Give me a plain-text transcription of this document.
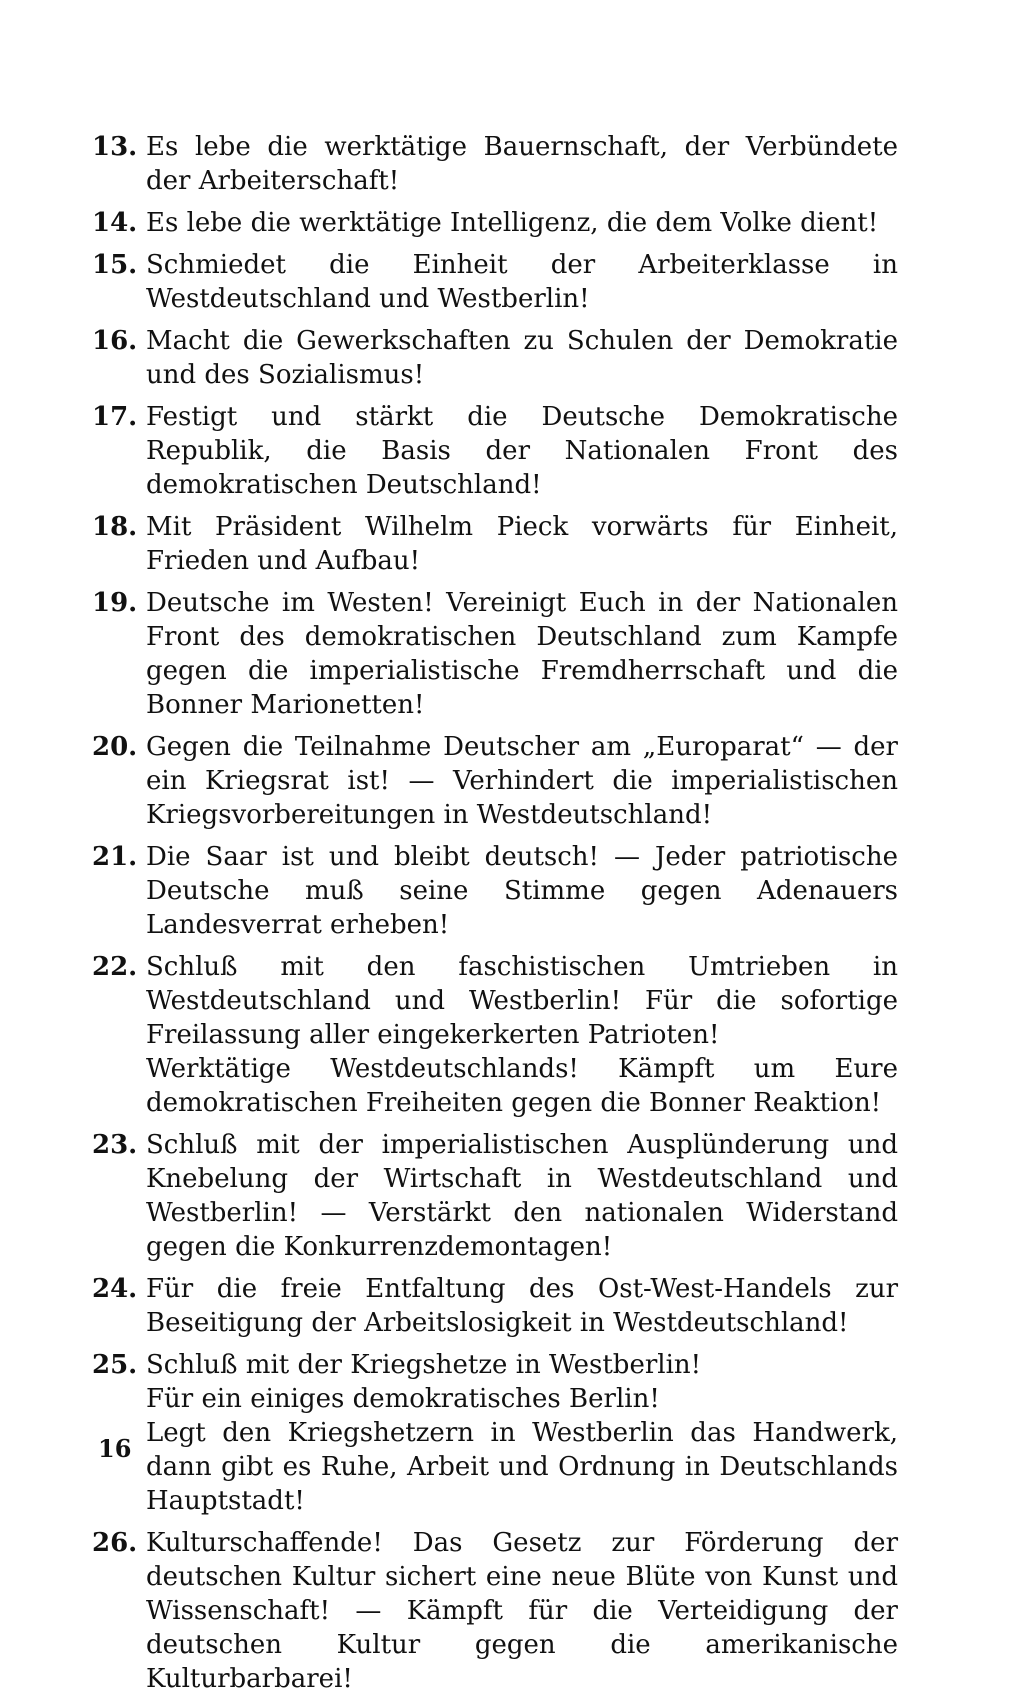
13. Es lebe die werktätige Bauernschaft, der Verbündete der Arbeiterschaft!

14. Es lebe die werktätige Intelligenz, die dem Volke dient!

15. Schmiedet die Einheit der Arbeiterklasse in Westdeutschland und Westberlin!

16. Macht die Gewerkschaften zu Schulen der Demokratie und des Sozialismus!

17. Festigt und stärkt die Deutsche Demokratische Republik, die Basis der Nationalen Front des demokratischen Deutschland!

18. Mit Präsident Wilhelm Pieck vorwärts für Einheit, Frieden und Aufbau!

19. Deutsche im Westen! Vereinigt Euch in der Nationalen Front des demokratischen Deutschland zum Kampfe gegen die imperialistische Fremdherrschaft und die Bonner Marionetten!

20. Gegen die Teilnahme Deutscher am „Europarat“ — der ein Kriegsrat ist! — Verhindert die imperialistischen Kriegsvorbereitungen in Westdeutschland!

21. Die Saar ist und bleibt deutsch! — Jeder patriotische Deutsche muß seine Stimme gegen Adenauers Landesverrat erheben!

22. Schluß mit den faschistischen Umtrieben in Westdeutschland und Westberlin! Für die sofortige Freilassung aller eingekerkerten Patrioten!

Werktätige Westdeutschlands! Kämpft um Eure demokratischen Freiheiten gegen die Bonner Reaktion!

23. Schluß mit der imperialistischen Ausplünderung und Knebelung der Wirtschaft in Westdeutschland und Westberlin! — Verstärkt den nationalen Widerstand gegen die Konkurrenzdemontagen!

24. Für die freie Entfaltung des Ost-West-Handels zur Beseitigung der Arbeitslosigkeit in Westdeutschland!

25. Schluß mit der Kriegshetze in Westberlin!

Für ein einiges demokratisches Berlin!

Legt den Kriegshetzern in Westberlin das Handwerk, dann gibt es Ruhe, Arbeit und Ordnung in Deutschlands Hauptstadt!

26. Kulturschaffende! Das Gesetz zur Förderung der deutschen Kultur sichert eine neue Blüte von Kunst und Wissenschaft! — Kämpft für die Verteidigung der deutschen Kultur gegen die amerikanische Kulturbarbarei!

16
